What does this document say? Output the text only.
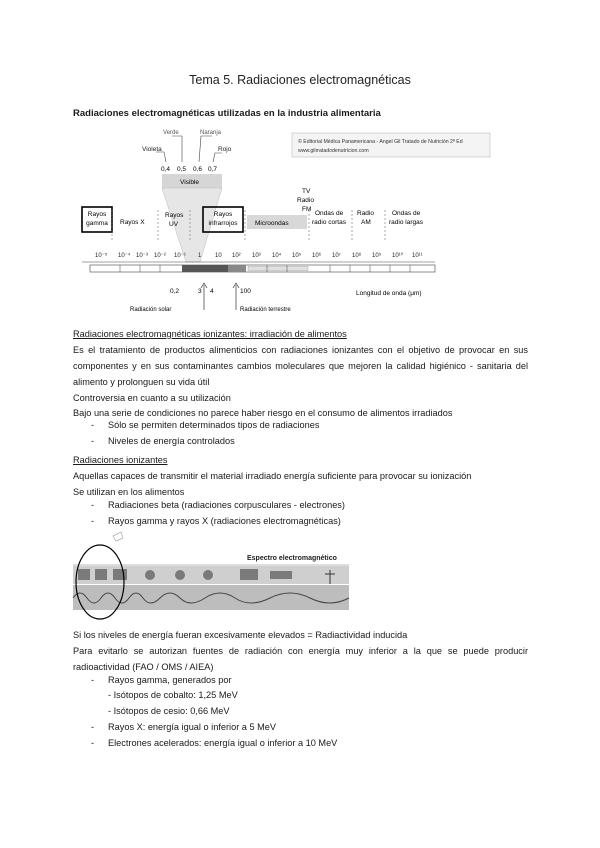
Tema 5. Radiaciones electromagnéticas
Radiaciones electromagnéticas utilizadas en la industria alimentaria
© Editorial Médica Panamericana - Angel Gil Tratado de Nutrición 2ª Ed
www.gilrratadodenutricion.com
Violeta
Verde	Naranja
Rojo
0,4 0,5 0,6 0,7
Visible
TV
Radio
FM
Rayos
gamma Rayos X
Rayos
UV
Rayos
infrarrojos	Microondas
Ondas de
radio cortas
Radio
AM
Ondas de
radio largas
10⁻⁵ 10⁻⁴ 10⁻³ 10⁻² 10⁻¹ 1 10 10² 10³ 10⁴ 10⁵ 10⁶ 10⁷ 10⁸ 10⁹ 10¹⁰ 10¹¹
0,2	3 4	100	Longitud de onda (μm)
Radiación solar	Radiación terrestre
Radiaciones electromagnéticas ionizantes: irradiación de alimentos
Es el tratamiento de productos alimenticios con radiaciones ionizantes con el objetivo de provocar en sus componentes y en sus contaminantes cambios moleculares que mejoren la calidad higiénico - sanitaria del alimento y prolonguen su vida útil
Controversia en cuanto a su utilización
Bajo una serie de condiciones no parece haber riesgo en el consumo de alimentos irradiados
- Sólo se permiten determinados tipos de radiaciones
- Niveles de energía controlados
Radiaciones ionizantes
Aquellas capaces de transmitir el material irradiado energía suficiente para provocar su ionización
Se utilizan en los alimentos
- Radiaciones beta (radiaciones corpusculares - electrones)
- Rayos gamma y rayos X (radiaciones electromagnéticas)
Espectro electromagnético
Si los niveles de energía fueran excesivamente elevados = Radiactividad inducida
Para evitarlo se autorizan fuentes de radiación con energía muy inferior a la que se puede producir radioactividad (FAO / OMS / AIEA)
- Rayos gamma, generados por
- Isótopos de cobalto: 1,25 MeV
- Isótopos de cesio: 0,66 MeV
- Rayos X: energía igual o inferior a 5 MeV
- Electrones acelerados: energía igual o inferior a 10 MeV
